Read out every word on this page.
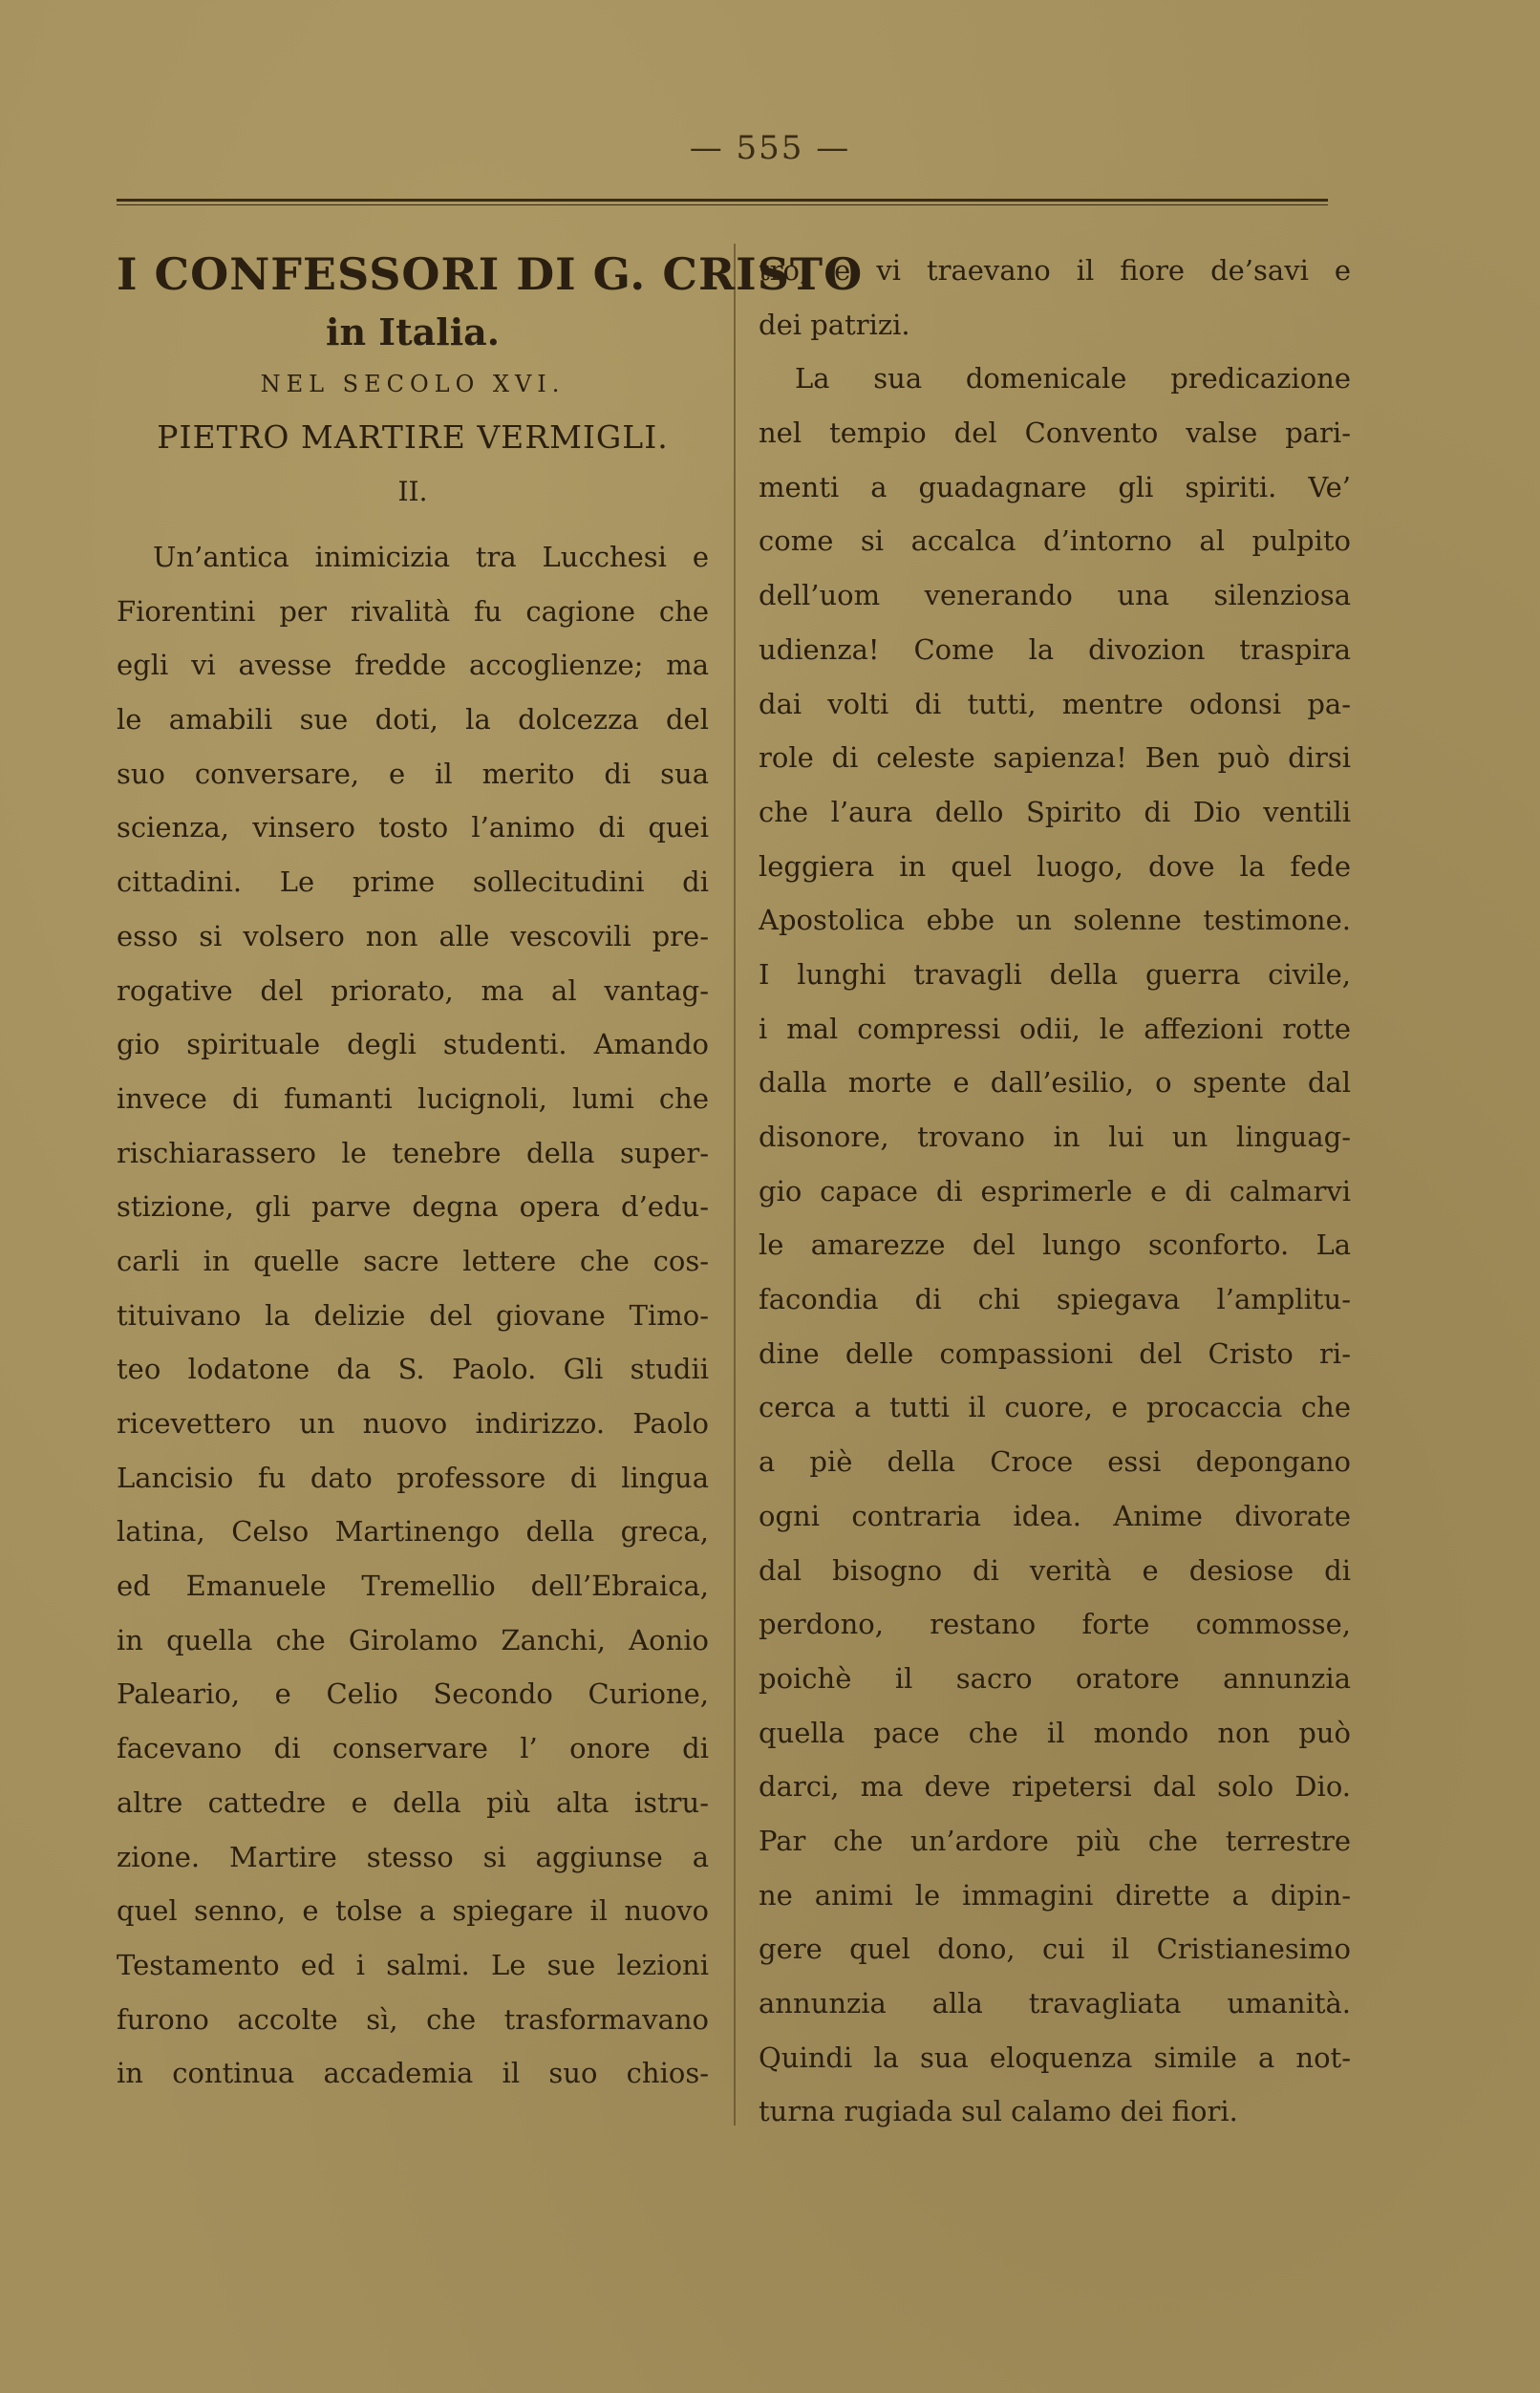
— 555 —
I CONFESSORI DI G. CRISTO
in Italia.
NEL SECOLO XVI.
PIETRO MARTIRE VERMIGLI.
II.
Un’antica inimicizia tra Lucchesi e
Fiorentini per rivalità fu cagione che
egli vi avesse fredde accoglienze; ma
le amabili sue doti, la dolcezza del
suo conversare, e il merito di sua
scienza, vinsero tosto l’animo di quei
cittadini. Le prime sollecitudini di
esso si volsero non alle vescovili pre-
rogative del priorato, ma al vantag-
gio spirituale degli studenti. Amando
invece di fumanti lucignoli, lumi che
rischiarassero le tenebre della super-
stizione, gli parve degna opera d’edu-
carli in quelle sacre lettere che cos-
tituivano la delizie del giovane Timo-
teo lodatone da S. Paolo. Gli studii
ricevettero un nuovo indirizzo. Paolo
Lancisio fu dato professore di lingua
latina, Celso Martinengo della greca,
ed Emanuele Tremellio dell’Ebraica,
in quella che Girolamo Zanchi, Aonio
Paleario, e Celio Secondo Curione,
facevano di conservare l’ onore di
altre cattedre e della più alta istru-
zione. Martire stesso si aggiunse a
quel senno, e tolse a spiegare il nuovo
Testamento ed i salmi. Le sue lezioni
furono accolte sì, che trasformavano
in continua accademia il suo chios-
tro, e vi traevano il fiore de’savi e
dei patrizi.
La sua domenicale predicazione
nel tempio del Convento valse pari-
menti a guadagnare gli spiriti. Ve’
come si accalca d’intorno al pulpito
dell’uom venerando una silenziosa
udienza! Come la divozion traspira
dai volti di tutti, mentre odonsi pa-
role di celeste sapienza! Ben può dirsi
che l’aura dello Spirito di Dio ventili
leggiera in quel luogo, dove la fede
Apostolica ebbe un solenne testimone.
I lunghi travagli della guerra civile,
i mal compressi odii, le affezioni rotte
dalla morte e dall’esilio, o spente dal
disonore, trovano in lui un linguag-
gio capace di esprimerle e di calmarvi
le amarezze del lungo sconforto. La
facondia di chi spiegava l’amplitu-
dine delle compassioni del Cristo ri-
cerca a tutti il cuore, e procaccia che
a piè della Croce essi depongano
ogni contraria idea. Anime divorate
dal bisogno di verità e desiose di
perdono, restano forte commosse,
poichè il sacro oratore annunzia
quella pace che il mondo non può
darci, ma deve ripetersi dal solo Dio.
Par che un’ardore più che terrestre
ne animi le immagini dirette a dipin-
gere quel dono, cui il Cristianesimo
annunzia alla travagliata umanità.
Quindi la sua eloquenza simile a not-
turna rugiada sul calamo dei fiori.
